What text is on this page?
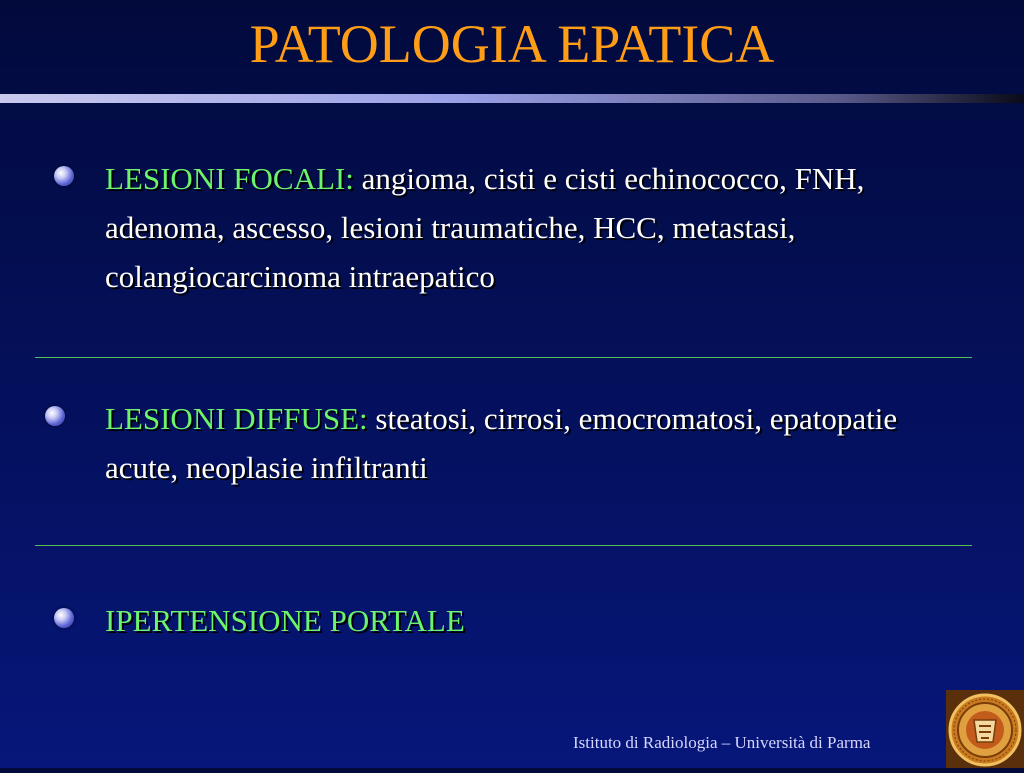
PATOLOGIA EPATICA
LESIONI FOCALI: angioma, cisti e cisti echinococco, FNH, adenoma, ascesso, lesioni traumatiche, HCC, metastasi, colangiocarcinoma intraepatico
LESIONI DIFFUSE: steatosi, cirrosi, emocromatosi, epatopatie acute, neoplasie infiltranti
IPERTENSIONE PORTALE
Istituto di Radiologia – Università di Parma
